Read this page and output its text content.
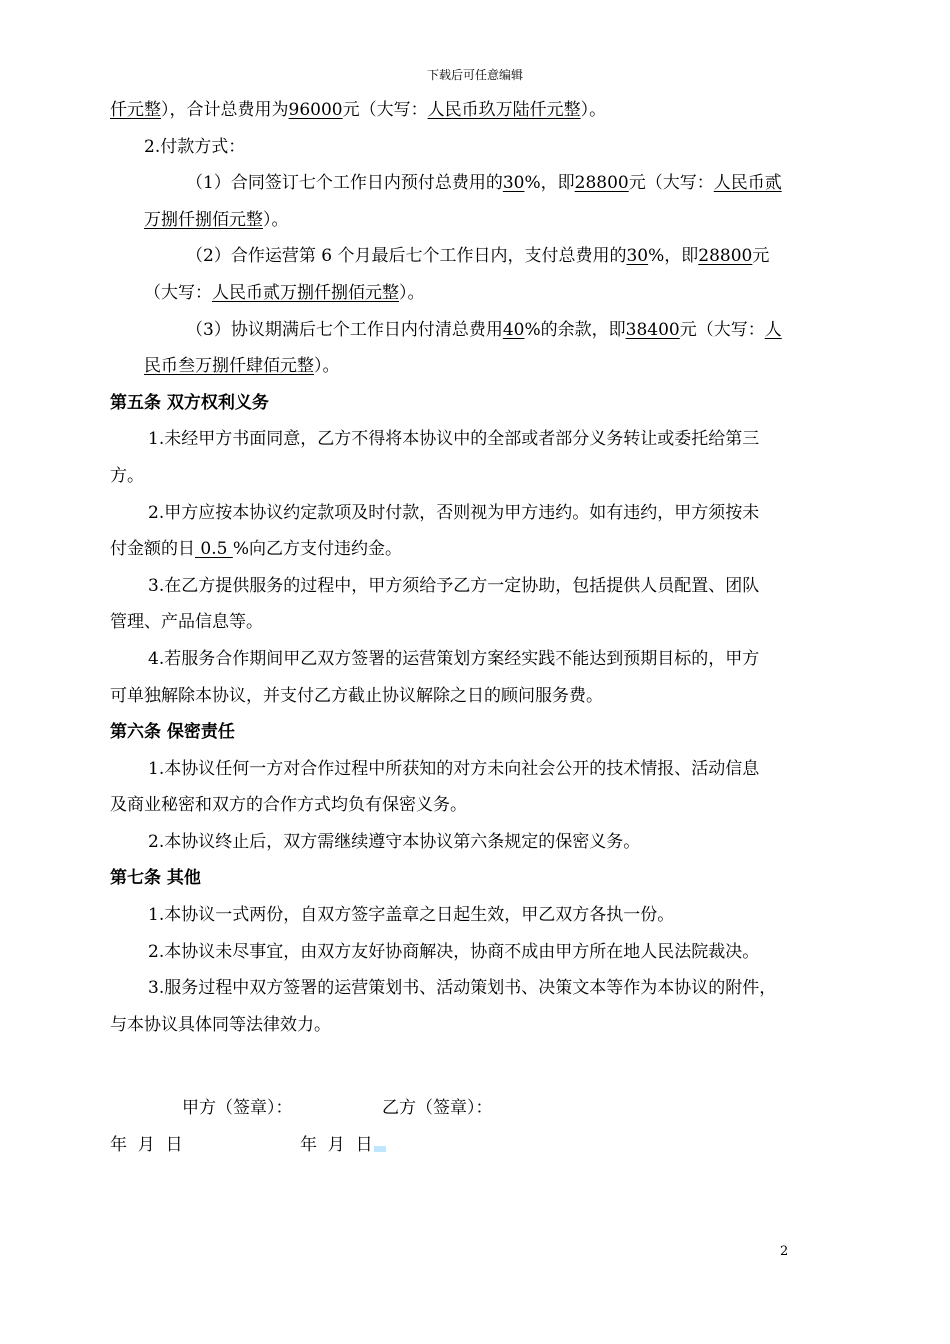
下载后可任意编辑
仟元整），合计总费用为96000元（大写：人民币玖万陆仟元整）。
2.付款方式：
（1）合同签订七个工作日内预付总费用的30%，即28800元（大写：人民币贰
万捌仟捌佰元整）。
（2）合作运营第 6 个月最后七个工作日内，支付总费用的30%，即28800元
（大写：人民币贰万捌仟捌佰元整）。
（3）协议期满后七个工作日内付清总费用40%的余款，即38400元（大写：人
民币叁万捌仟肆佰元整）。
第五条 双方权利义务
1.未经甲方书面同意，乙方不得将本协议中的全部或者部分义务转让或委托给第三
方。
2.甲方应按本协议约定款项及时付款，否则视为甲方违约。如有违约，甲方须按未
付金额的日 0.5 %向乙方支付违约金。
3.在乙方提供服务的过程中，甲方须给予乙方一定协助，包括提供人员配置、团队
管理、产品信息等。
4.若服务合作期间甲乙双方签署的运营策划方案经实践不能达到预期目标的，甲方
可单独解除本协议，并支付乙方截止协议解除之日的顾问服务费。
第六条 保密责任
1.本协议任何一方对合作过程中所获知的对方未向社会公开的技术情报、活动信息
及商业秘密和双方的合作方式均负有保密义务。
2.本协议终止后，双方需继续遵守本协议第六条规定的保密义务。
第七条 其他
1.本协议一式两份，自双方签字盖章之日起生效，甲乙双方各执一份。
2.本协议未尽事宜，由双方友好协商解决，协商不成由甲方所在地人民法院裁决。
3.服务过程中双方签署的运营策划书、活动策划书、决策文本等作为本协议的附件，
与本协议具体同等法律效力。
甲方（签章）：	乙方（签章）：
年  月  日	年  月  日
2
